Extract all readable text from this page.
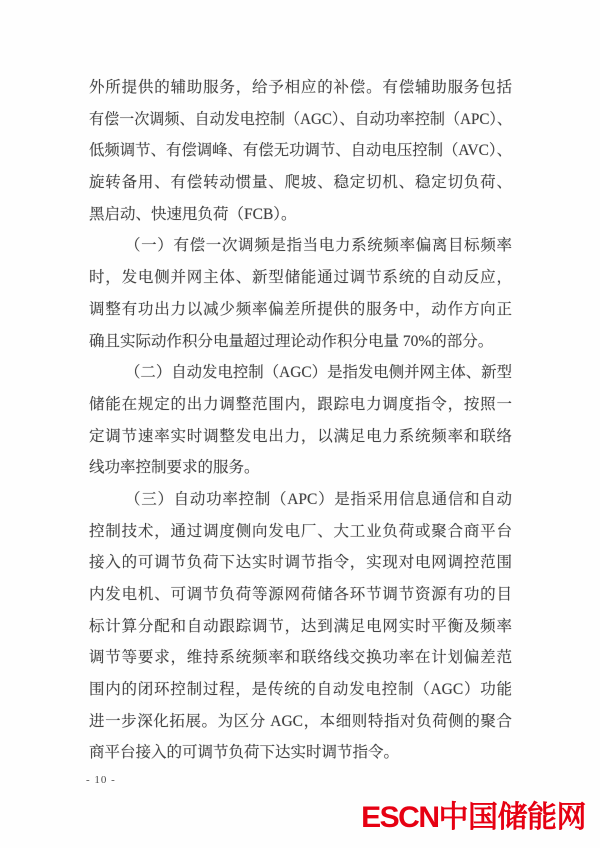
外所提供的辅助服务，给予相应的补偿。有偿辅助服务包括
有偿一次调频、自动发电控制（AGC）、自动功率控制（APC）、
低频调节、有偿调峰、有偿无功调节、自动电压控制（AVC）、
旋转备用、有偿转动惯量、爬坡、稳定切机、稳定切负荷、
黑启动、快速甩负荷（FCB）。
（一）有偿一次调频是指当电力系统频率偏离目标频率
时，发电侧并网主体、新型储能通过调节系统的自动反应，
调整有功出力以减少频率偏差所提供的服务中，动作方向正
确且实际动作积分电量超过理论动作积分电量 70%的部分。
（二）自动发电控制（AGC）是指发电侧并网主体、新型
储能在规定的出力调整范围内，跟踪电力调度指令，按照一
定调节速率实时调整发电出力，以满足电力系统频率和联络
线功率控制要求的服务。
（三）自动功率控制（APC）是指采用信息通信和自动
控制技术，通过调度侧向发电厂、大工业负荷或聚合商平台
接入的可调节负荷下达实时调节指令，实现对电网调控范围
内发电机、可调节负荷等源网荷储各环节调节资源有功的目
标计算分配和自动跟踪调节，达到满足电网实时平衡及频率
调节等要求，维持系统频率和联络线交换功率在计划偏差范
围内的闭环控制过程，是传统的自动发电控制（AGC）功能
进一步深化拓展。为区分 AGC，本细则特指对负荷侧的聚合
商平台接入的可调节负荷下达实时调节指令。
- 10 -
ESCN中国储能网
